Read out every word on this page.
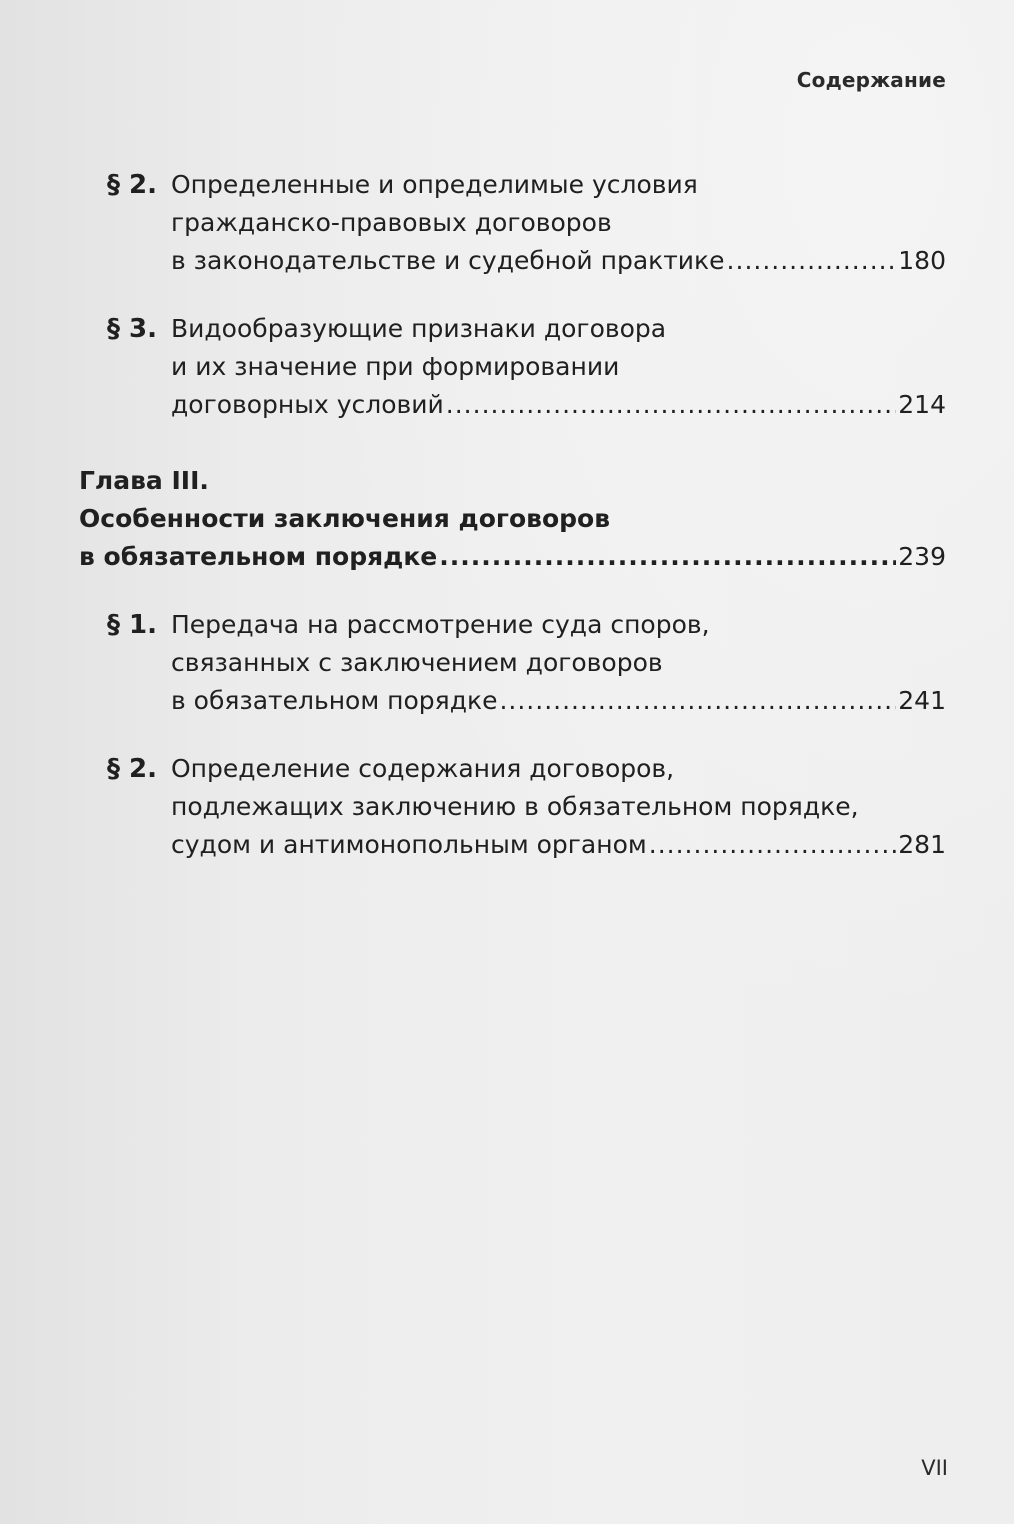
Содержание
§ 2. Определенные и определимые условия
гражданско-правовых договоров
в законодательстве и судебной практике .....	180
§ 3. Видообразующие признаки договора
и их значение при формировании
договорных условий .....	214
Глава III.
Особенности заключения договоров
в обязательном порядке .....	239
§ 1. Передача на рассмотрение суда споров,
связанных с заключением договоров
в обязательном порядке .....	241
§ 2. Определение содержания договоров,
подлежащих заключению в обязательном порядке,
судом и антимонопольным органом .....	281
VII
